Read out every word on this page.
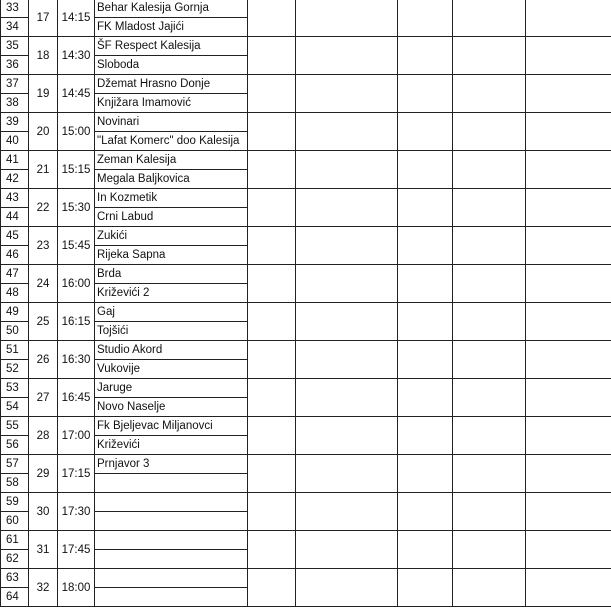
33	17	14:15	Behar Kalesija Gornja					
34			FK Mladost Jajići					
35	18	14:30	ŠF Respect Kalesija					
36			Sloboda					
37	19	14:45	Džemat Hrasno Donje					
38			Knjižara Imamović					
39	20	15:00	Novinari					
40			"Lafat Komerc" doo Kalesija					
41	21	15:15	Zeman Kalesija					
42			Megala Baljkovica					
43	22	15:30	In Kozmetik					
44			Crni Labud					
45	23	15:45	Zukići					
46			Rijeka Sapna					
47	24	16:00	Brda					
48			Križevići 2					
49	25	16:15	Gaj					
50			Tojšići					
51	26	16:30	Studio Akord					
52			Vukovije					
53	27	16:45	Jaruge					
54			Novo Naselje					
55	28	17:00	Fk Bjeljevac Miljanovci					
56			Križevići					
57	29	17:15	Prnjavor 3					
58								
59	30	17:30						
60								
61	31	17:45						
62								
63	32	18:00						
64								
